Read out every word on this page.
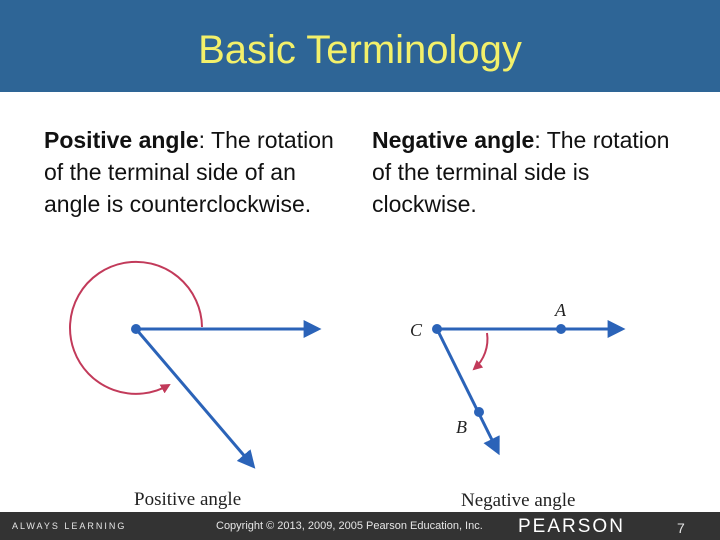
Basic Terminology
Positive angle: The rotation of the terminal side of an angle is counterclockwise.
Negative angle: The rotation of the terminal side is clockwise.
C
A
B
Positive angle	Negative angle
ALWAYS LEARNING	Copyright © 2013, 2009, 2005 Pearson Education, Inc. PEARSON	7
